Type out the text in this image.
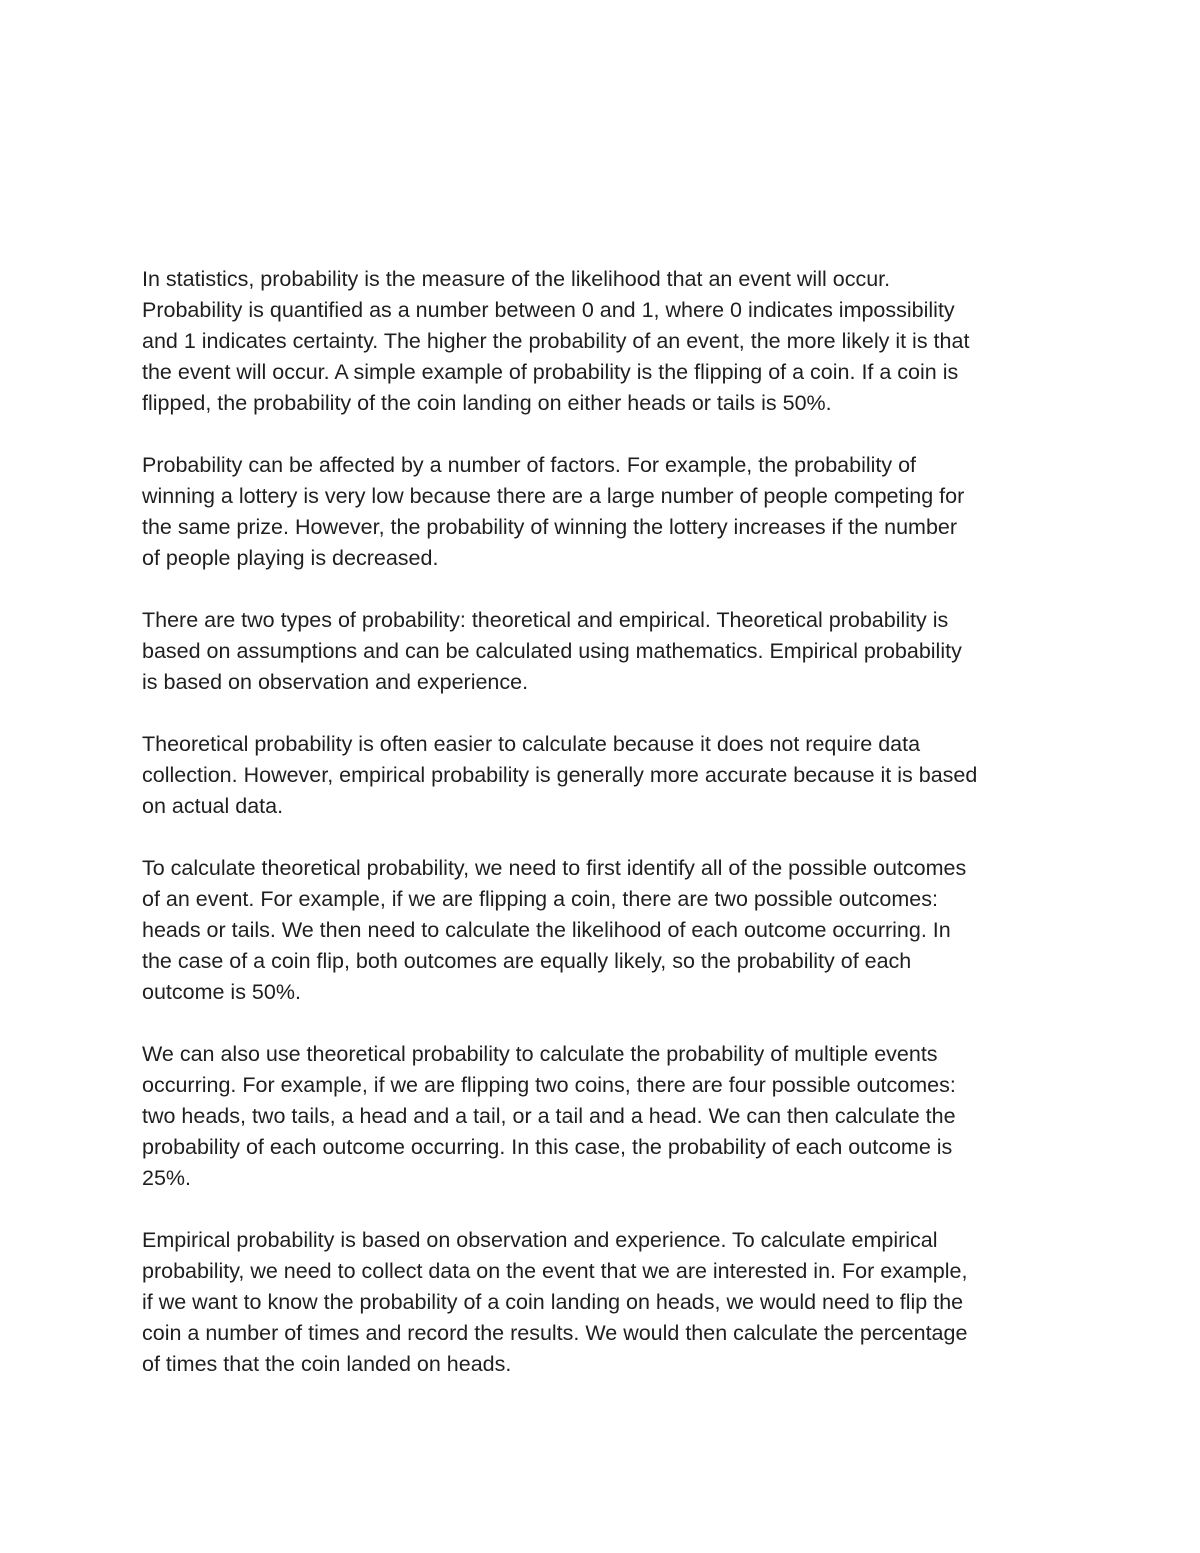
In statistics, probability is the measure of the likelihood that an event will occur.
Probability is quantified as a number between 0 and 1, where 0 indicates impossibility
and 1 indicates certainty. The higher the probability of an event, the more likely it is that
the event will occur. A simple example of probability is the flipping of a coin. If a coin is
flipped, the probability of the coin landing on either heads or tails is 50%.

Probability can be affected by a number of factors. For example, the probability of
winning a lottery is very low because there are a large number of people competing for
the same prize. However, the probability of winning the lottery increases if the number
of people playing is decreased.

There are two types of probability: theoretical and empirical. Theoretical probability is
based on assumptions and can be calculated using mathematics. Empirical probability
is based on observation and experience.

Theoretical probability is often easier to calculate because it does not require data
collection. However, empirical probability is generally more accurate because it is based
on actual data.

To calculate theoretical probability, we need to first identify all of the possible outcomes
of an event. For example, if we are flipping a coin, there are two possible outcomes:
heads or tails. We then need to calculate the likelihood of each outcome occurring. In
the case of a coin flip, both outcomes are equally likely, so the probability of each
outcome is 50%.

We can also use theoretical probability to calculate the probability of multiple events
occurring. For example, if we are flipping two coins, there are four possible outcomes:
two heads, two tails, a head and a tail, or a tail and a head. We can then calculate the
probability of each outcome occurring. In this case, the probability of each outcome is
25%.

Empirical probability is based on observation and experience. To calculate empirical
probability, we need to collect data on the event that we are interested in. For example,
if we want to know the probability of a coin landing on heads, we would need to flip the
coin a number of times and record the results. We would then calculate the percentage
of times that the coin landed on heads.
